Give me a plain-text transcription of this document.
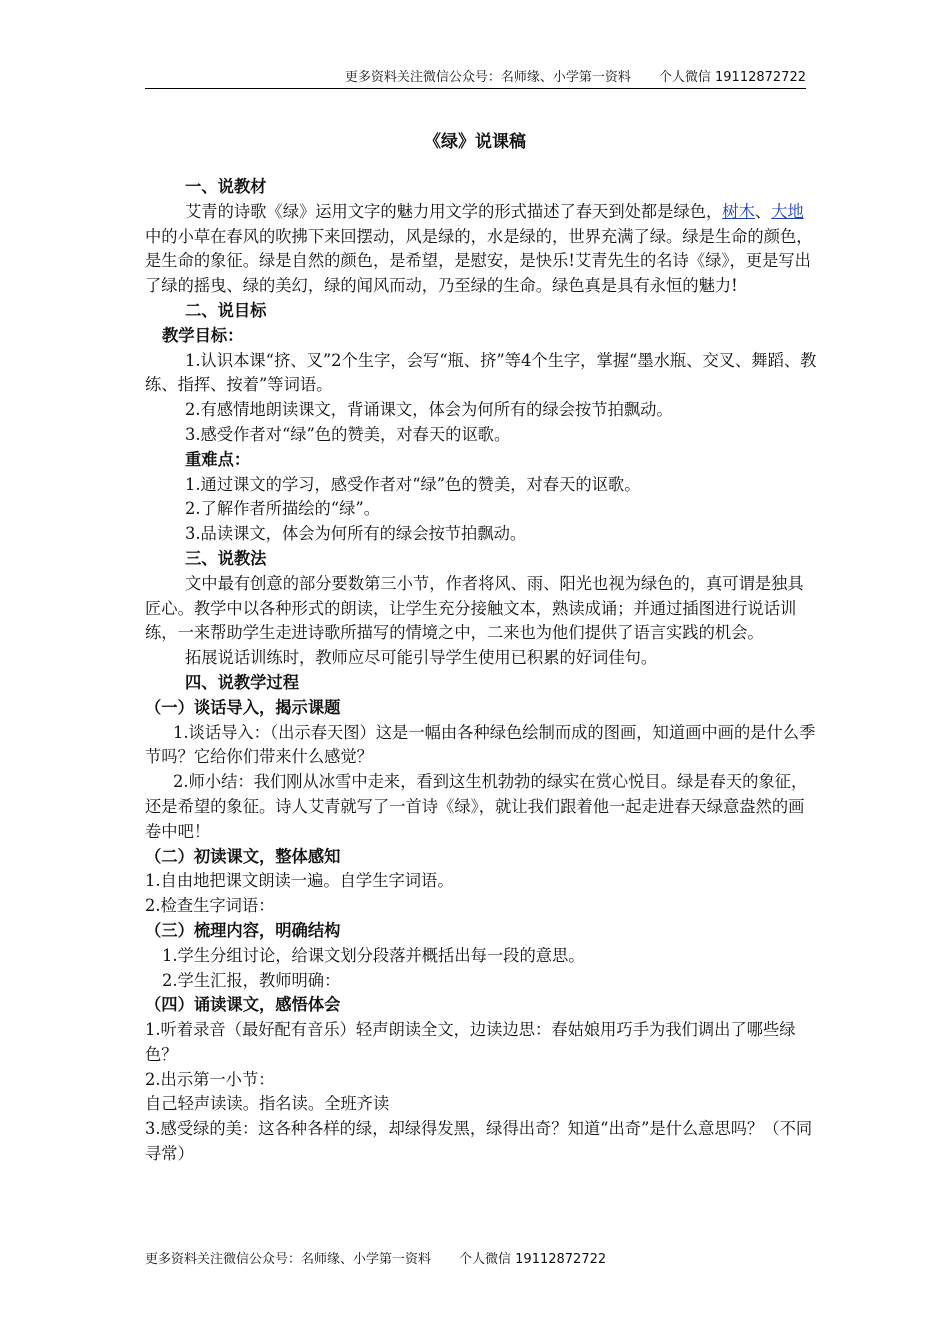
更多资料关注微信公众号：名师缘、小学第一资料 个人微信 19112872722
《绿》说课稿

一、说教材

艾青的诗歌《绿》运用文字的魅力用文学的形式描述了春天到处都是绿色，树木、大地中的小草在春风的吹拂下来回摆动，风是绿的，水是绿的，世界充满了绿。绿是生命的颜色，是生命的象征。绿是自然的颜色，是希望，是慰安，是快乐!艾青先生的名诗《绿》，更是写出了绿的摇曳、绿的美幻，绿的闻风而动，乃至绿的生命。绿色真是具有永恒的魅力!

二、说目标

教学目标：

1.认识本课“挤、叉”2个生字，会写“瓶、挤”等4个生字，掌握“墨水瓶、交叉、舞蹈、教练、指挥、按着”等词语。

2.有感情地朗读课文，背诵课文，体会为何所有的绿会按节拍飘动。

3.感受作者对“绿”色的赞美，对春天的讴歌。

重难点：

1.通过课文的学习，感受作者对“绿”色的赞美，对春天的讴歌。

2.了解作者所描绘的“绿”。

3.品读课文，体会为何所有的绿会按节拍飘动。

三、说教法

文中最有创意的部分要数第三小节，作者将风、雨、阳光也视为绿色的，真可谓是独具匠心。教学中以各种形式的朗读，让学生充分接触文本，熟读成诵；并通过插图进行说话训练，一来帮助学生走进诗歌所描写的情境之中，二来也为他们提供了语言实践的机会。

拓展说话训练时，教师应尽可能引导学生使用已积累的好词佳句。

四、说教学过程

（一）谈话导入，揭示课题

1.谈话导入：（出示春天图）这是一幅由各种绿色绘制而成的图画，知道画中画的是什么季节吗？它给你们带来什么感觉？

2.师小结：我们刚从冰雪中走来，看到这生机勃勃的绿实在赏心悦目。绿是春天的象征，还是希望的象征。诗人艾青就写了一首诗《绿》，就让我们跟着他一起走进春天绿意盎然的画卷中吧！

（二）初读课文，整体感知

1.自由地把课文朗读一遍。自学生字词语。

2.检查生字词语：

（三）梳理内容，明确结构

1.学生分组讨论，给课文划分段落并概括出每一段的意思。

2.学生汇报，教师明确：

（四）诵读课文，感悟体会

1.听着录音（最好配有音乐）轻声朗读全文，边读边思：春姑娘用巧手为我们调出了哪些绿色？

2.出示第一小节：

自己轻声读读。指名读。全班齐读

3.感受绿的美：这各种各样的绿，却绿得发黑，绿得出奇？知道“出奇”是什么意思吗？（不同寻常）

更多资料关注微信公众号：名师缘、小学第一资料 个人微信 19112872722
